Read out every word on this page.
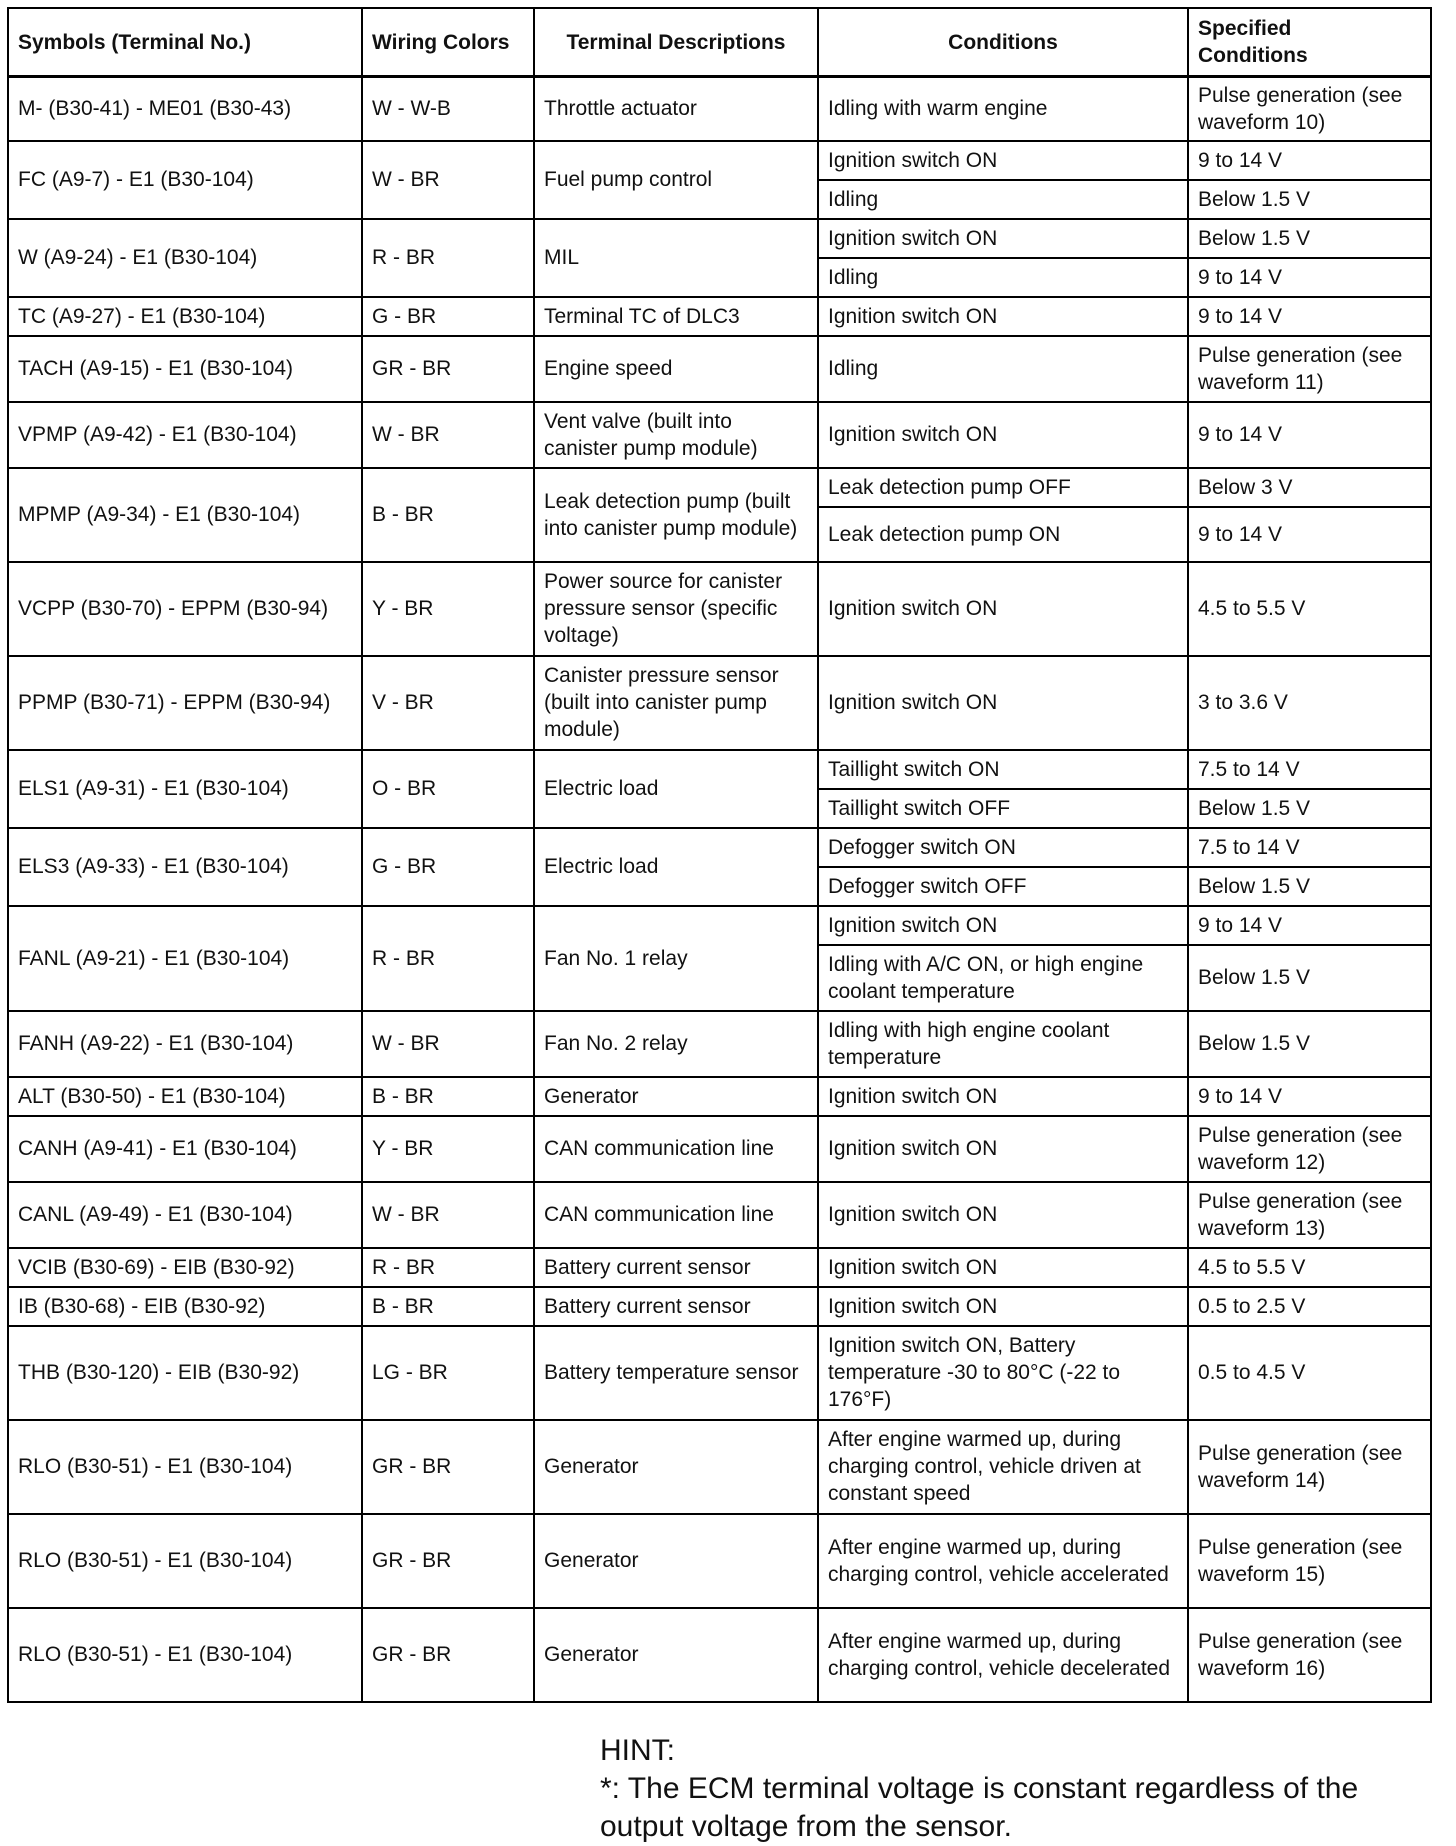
Symbols (Terminal No.)	Wiring Colors	Terminal Descriptions	Conditions	Specified
Conditions
M- (B30-41) - ME01 (B30-43)	W - W-B	Throttle actuator	Idling with warm engine	Pulse generation (see waveform 10)
FC (A9-7) - E1 (B30-104)	W - BR	Fuel pump control	Ignition switch ON	9 to 14 V
			Idling	Below 1.5 V
W (A9-24) - E1 (B30-104)	R - BR	MIL	Ignition switch ON	Below 1.5 V
			Idling	9 to 14 V
TC (A9-27) - E1 (B30-104)	G - BR	Terminal TC of DLC3	Ignition switch ON	9 to 14 V
TACH (A9-15) - E1 (B30-104)	GR - BR	Engine speed	Idling	Pulse generation (see waveform 11)
VPMP (A9-42) - E1 (B30-104)	W - BR	Vent valve (built into canister pump module)	Ignition switch ON	9 to 14 V
MPMP (A9-34) - E1 (B30-104)	B - BR	Leak detection pump (built into canister pump module)	Leak detection pump OFF	Below 3 V
			Leak detection pump ON	9 to 14 V
VCPP (B30-70) - EPPM (B30-94)	Y - BR	Power source for canister pressure sensor (specific voltage)	Ignition switch ON	4.5 to 5.5 V
PPMP (B30-71) - EPPM (B30-94)	V - BR	Canister pressure sensor (built into canister pump module)	Ignition switch ON	3 to 3.6 V
ELS1 (A9-31) - E1 (B30-104)	O - BR	Electric load	Taillight switch ON	7.5 to 14 V
			Taillight switch OFF	Below 1.5 V
ELS3 (A9-33) - E1 (B30-104)	G - BR	Electric load	Defogger switch ON	7.5 to 14 V
			Defogger switch OFF	Below 1.5 V
FANL (A9-21) - E1 (B30-104)	R - BR	Fan No. 1 relay	Ignition switch ON	9 to 14 V
			Idling with A/C ON, or high engine coolant temperature	Below 1.5 V
FANH (A9-22) - E1 (B30-104)	W - BR	Fan No. 2 relay	Idling with high engine coolant temperature	Below 1.5 V
ALT (B30-50) - E1 (B30-104)	B - BR	Generator	Ignition switch ON	9 to 14 V
CANH (A9-41) - E1 (B30-104)	Y - BR	CAN communication line	Ignition switch ON	Pulse generation (see waveform 12)
CANL (A9-49) - E1 (B30-104)	W - BR	CAN communication line	Ignition switch ON	Pulse generation (see waveform 13)
VCIB (B30-69) - EIB (B30-92)	R - BR	Battery current sensor	Ignition switch ON	4.5 to 5.5 V
IB (B30-68) - EIB (B30-92)	B - BR	Battery current sensor	Ignition switch ON	0.5 to 2.5 V
THB (B30-120) - EIB (B30-92)	LG - BR	Battery temperature sensor	Ignition switch ON, Battery temperature -30 to 80°C (-22 to 176°F)	0.5 to 4.5 V
RLO (B30-51) - E1 (B30-104)	GR - BR	Generator	After engine warmed up, during charging control, vehicle driven at constant speed	Pulse generation (see waveform 14)
RLO (B30-51) - E1 (B30-104)	GR - BR	Generator	After engine warmed up, during charging control, vehicle accelerated	Pulse generation (see waveform 15)
RLO (B30-51) - E1 (B30-104)	GR - BR	Generator	After engine warmed up, during charging control, vehicle decelerated	Pulse generation (see waveform 16)
HINT:
*: The ECM terminal voltage is constant regardless of the output voltage from the sensor.
